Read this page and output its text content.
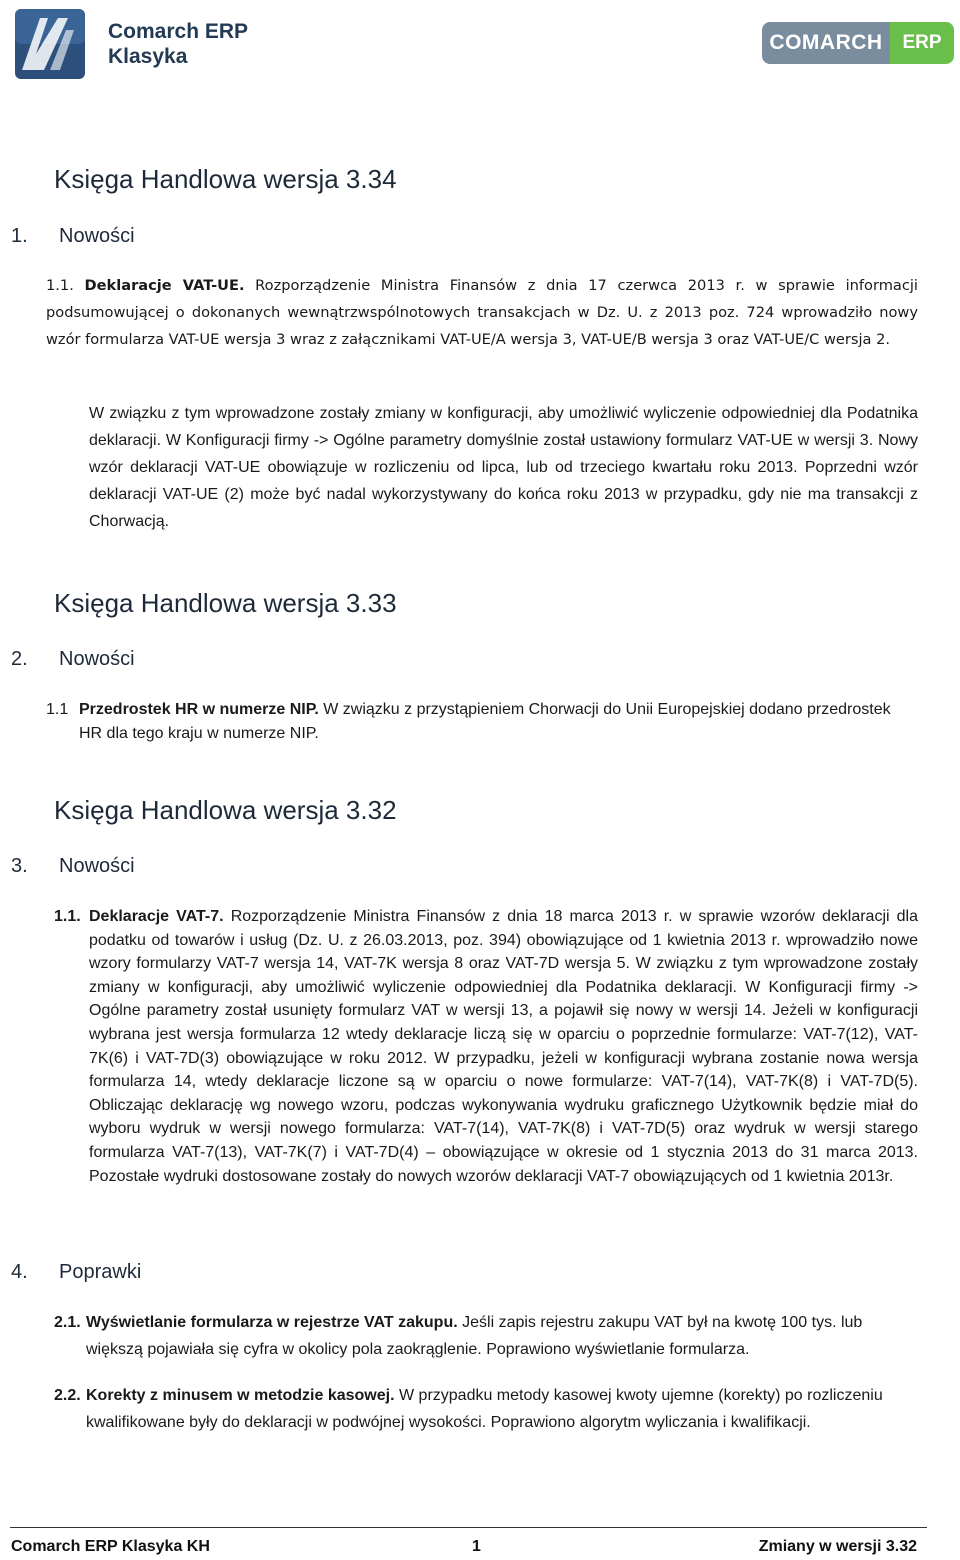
Comarch ERP
Klasyka
COMARCH	ERP
Księga Handlowa wersja 3.34
1. Nowości
1.1. Deklaracje VAT-UE. Rozporządzenie Ministra Finansów z dnia 17 czerwca 2013 r. w sprawie informacji podsumowującej o dokonanych wewnątrzwspólnotowych transakcjach w Dz. U. z 2013 poz. 724 wprowadziło nowy wzór formularza VAT-UE wersja 3 wraz z załącznikami VAT-UE/A wersja 3, VAT-UE/B wersja 3 oraz VAT-UE/C wersja 2.
W związku z tym wprowadzone zostały zmiany w konfiguracji, aby umożliwić wyliczenie odpowiedniej dla Podatnika deklaracji. W Konfiguracji firmy -> Ogólne parametry domyślnie został ustawiony formularz VAT-UE w wersji 3. Nowy wzór deklaracji VAT-UE obowiązuje w rozliczeniu od lipca, lub od trzeciego kwartału roku 2013. Poprzedni wzór deklaracji VAT-UE (2) może być nadal wykorzystywany do końca roku 2013 w przypadku, gdy nie ma transakcji z Chorwacją.
Księga Handlowa wersja 3.33
2. Nowości
1.1 Przedrostek HR w numerze NIP. W związku z przystąpieniem Chorwacji do Unii Europejskiej dodano przedrostek HR dla tego kraju w numerze NIP.
Księga Handlowa wersja 3.32
3. Nowości
1.1. Deklaracje VAT-7. Rozporządzenie Ministra Finansów z dnia 18 marca 2013 r. w sprawie wzorów deklaracji dla podatku od towarów i usług (Dz. U. z 26.03.2013, poz. 394) obowiązujące od 1 kwietnia 2013 r. wprowadziło nowe wzory formularzy VAT-7 wersja 14, VAT-7K wersja 8 oraz VAT-7D wersja 5. W związku z tym wprowadzone zostały zmiany w konfiguracji, aby umożliwić wyliczenie odpowiedniej dla Podatnika deklaracji. W Konfiguracji firmy -> Ogólne parametry został usunięty formularz VAT w wersji 13, a pojawił się nowy w wersji 14. Jeżeli w konfiguracji wybrana jest wersja formularza 12 wtedy deklaracje liczą się w oparciu o poprzednie formularze: VAT-7(12), VAT-7K(6) i VAT-7D(3) obowiązujące w roku 2012. W przypadku, jeżeli w konfiguracji wybrana zostanie nowa wersja formularza 14, wtedy deklaracje liczone są w oparciu o nowe formularze: VAT-7(14), VAT-7K(8) i VAT-7D(5). Obliczając deklarację wg nowego wzoru, podczas wykonywania wydruku graficznego Użytkownik będzie miał do wyboru wydruk w wersji nowego formularza: VAT-7(14), VAT-7K(8) i VAT-7D(5) oraz wydruk w wersji starego formularza VAT-7(13), VAT-7K(7) i VAT-7D(4) – obowiązujące w okresie od 1 stycznia 2013 do 31 marca 2013. Pozostałe wydruki dostosowane zostały do nowych wzorów deklaracji VAT-7 obowiązujących od 1 kwietnia 2013r.
4. Poprawki
2.1. Wyświetlanie formularza w rejestrze VAT zakupu. Jeśli zapis rejestru zakupu VAT był na kwotę 100 tys. lub większą pojawiała się cyfra w okolicy pola zaokrąglenie. Poprawiono wyświetlanie formularza.
2.2. Korekty z minusem w metodzie kasowej. W przypadku metody kasowej kwoty ujemne (korekty) po rozliczeniu kwalifikowane były do deklaracji w podwójnej wysokości. Poprawiono algorytm wyliczania i kwalifikacji.
Comarch ERP Klasyka KH	1	Zmiany w wersji 3.32
